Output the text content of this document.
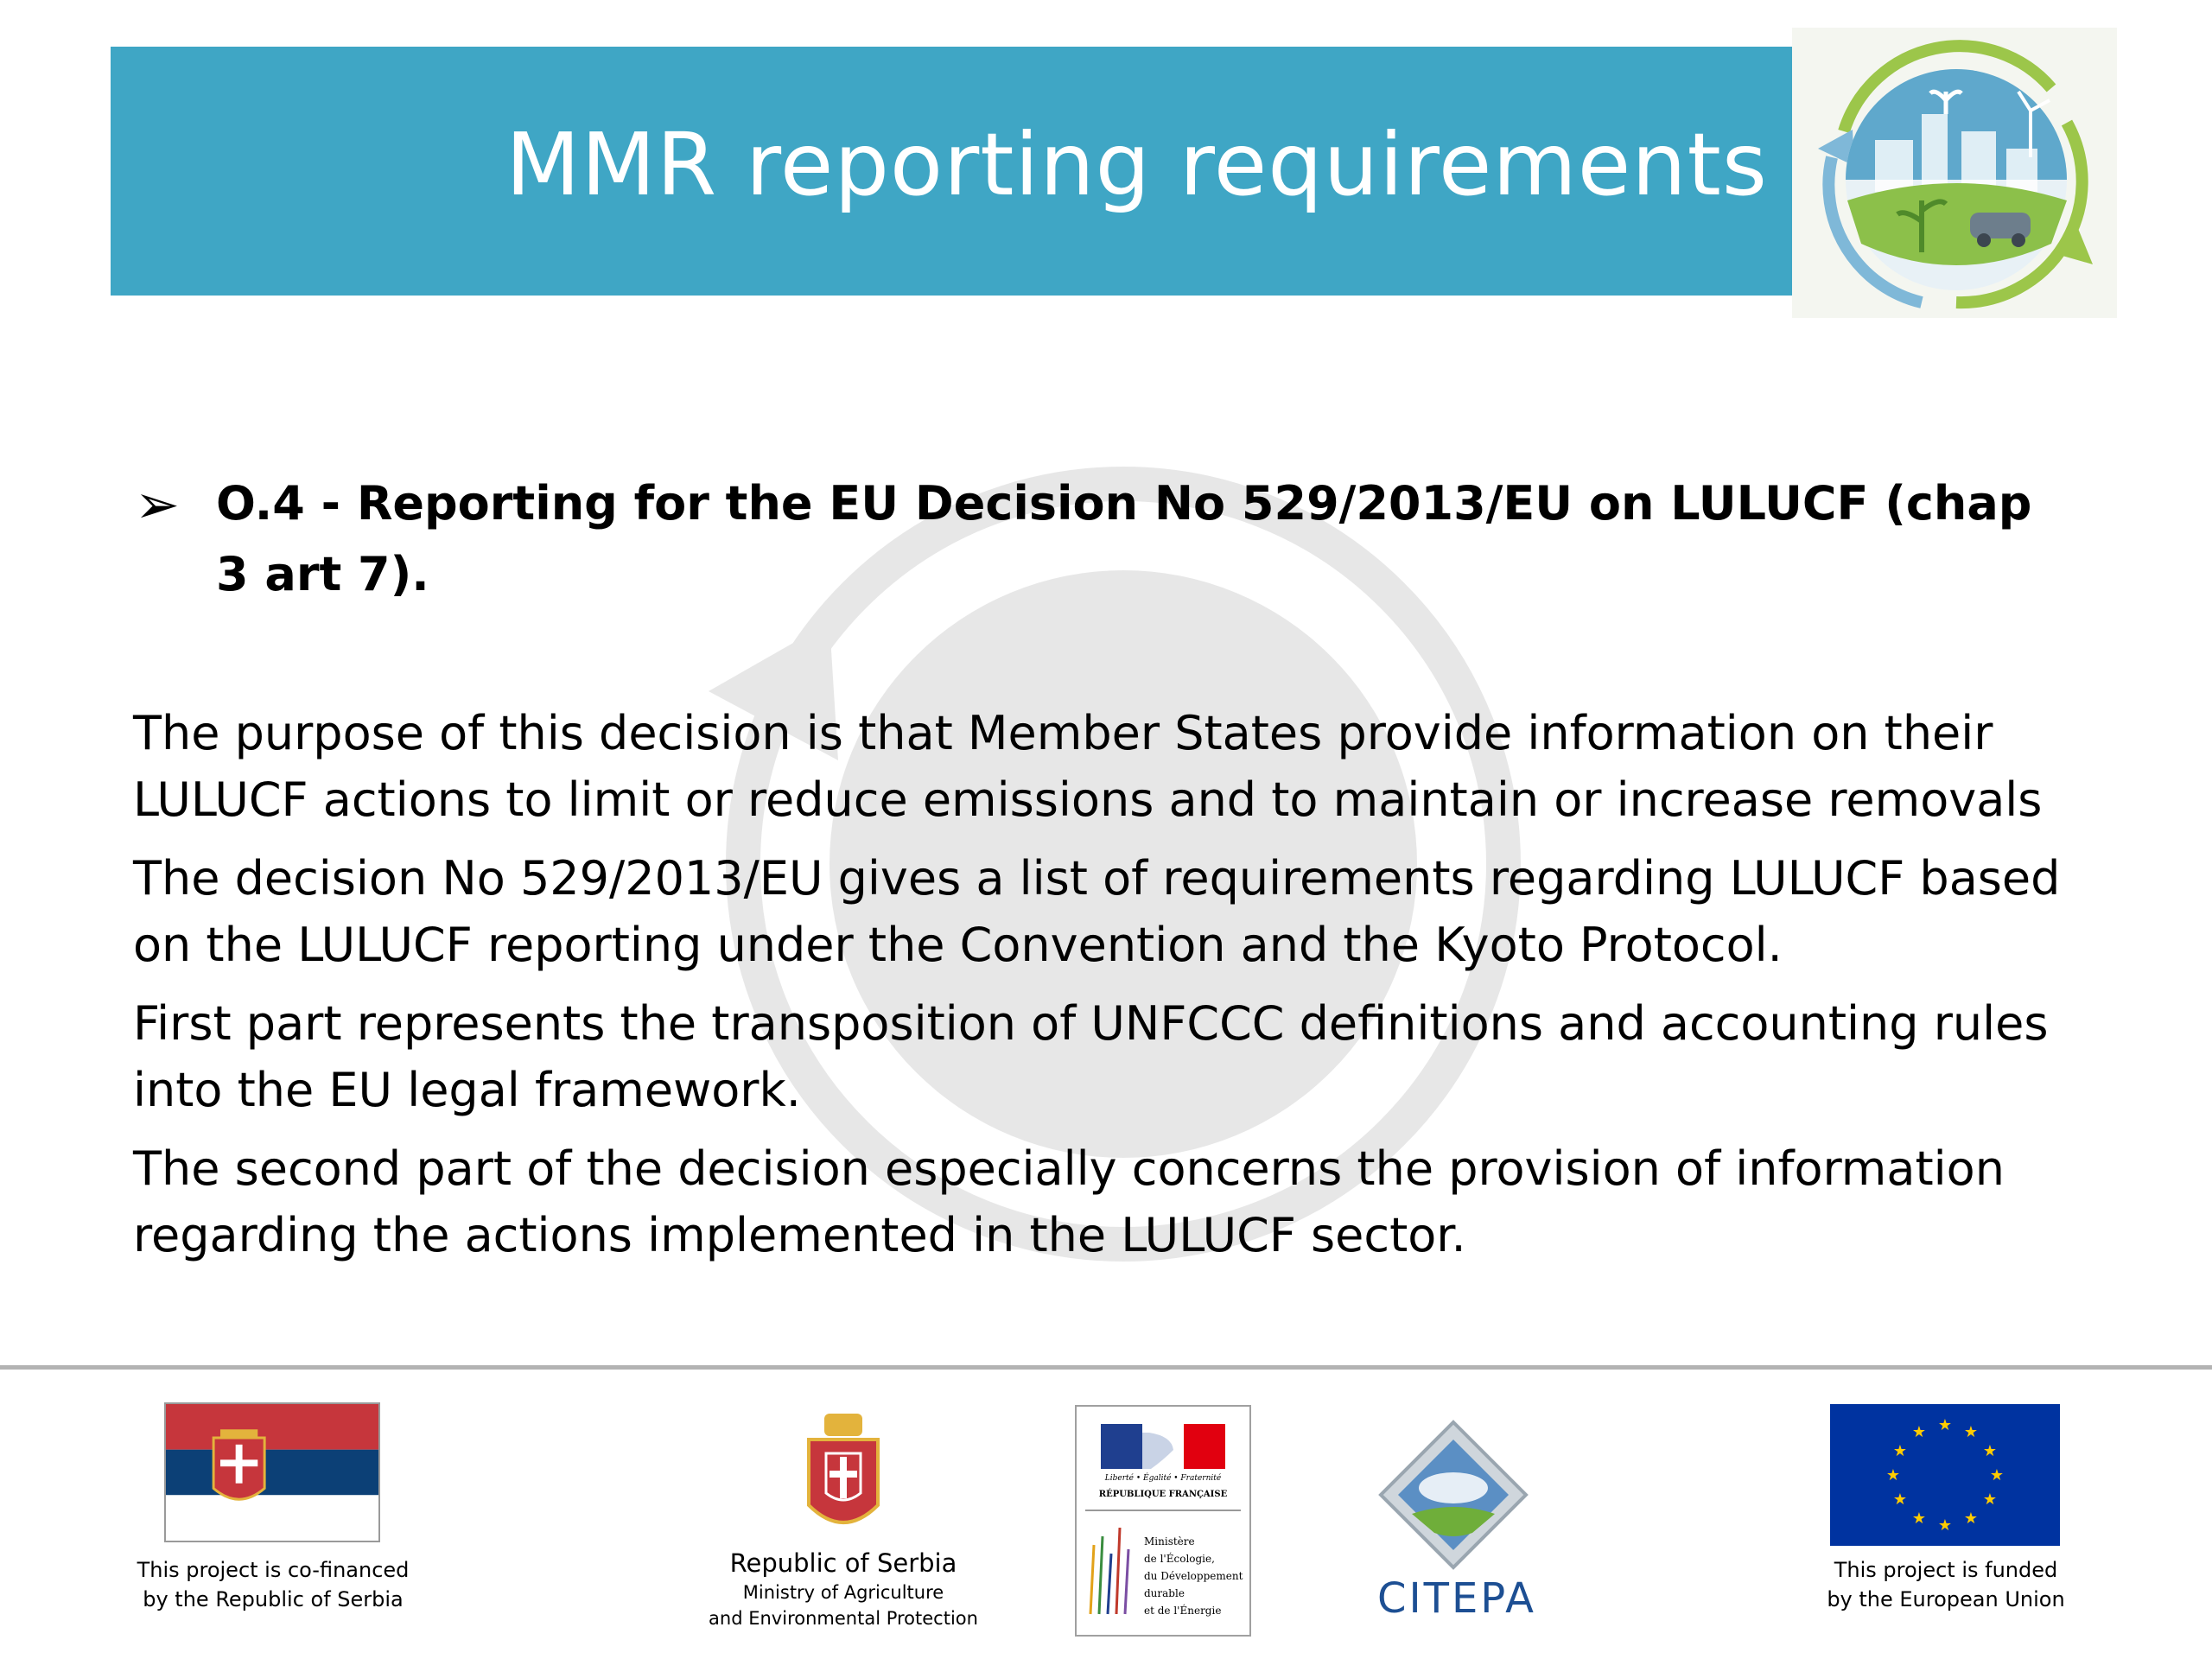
MMR reporting requirements
➢ O.4 - Reporting for the EU Decision No 529/2013/EU on LULUCF (chap 3 art 7).

The purpose of this decision is that Member States provide information on their LULUCF actions to limit or reduce emissions and to maintain or increase removals

The decision No 529/2013/EU gives a list of requirements regarding LULUCF based on the LULUCF reporting under the Convention and the Kyoto Protocol.

First part represents the transposition of UNFCCC definitions and accounting rules into the EU legal framework.

The second part of the decision especially concerns the provision of information regarding the actions implemented in the LULUCF sector.

This project is co-financed
by the Republic of Serbia
Republic of Serbia
Ministry of Agriculture
and Environmental Protection
Liberté • Égalité • Fraternité
RÉPUBLIQUE FRANÇAISE
Ministère
de l'Écologie,
du Développement
durable
et de l'Énergie	CITEPA
★ ★
★
★
★
★
★
★
★
★
★
★
This project is funded
by the European Union
